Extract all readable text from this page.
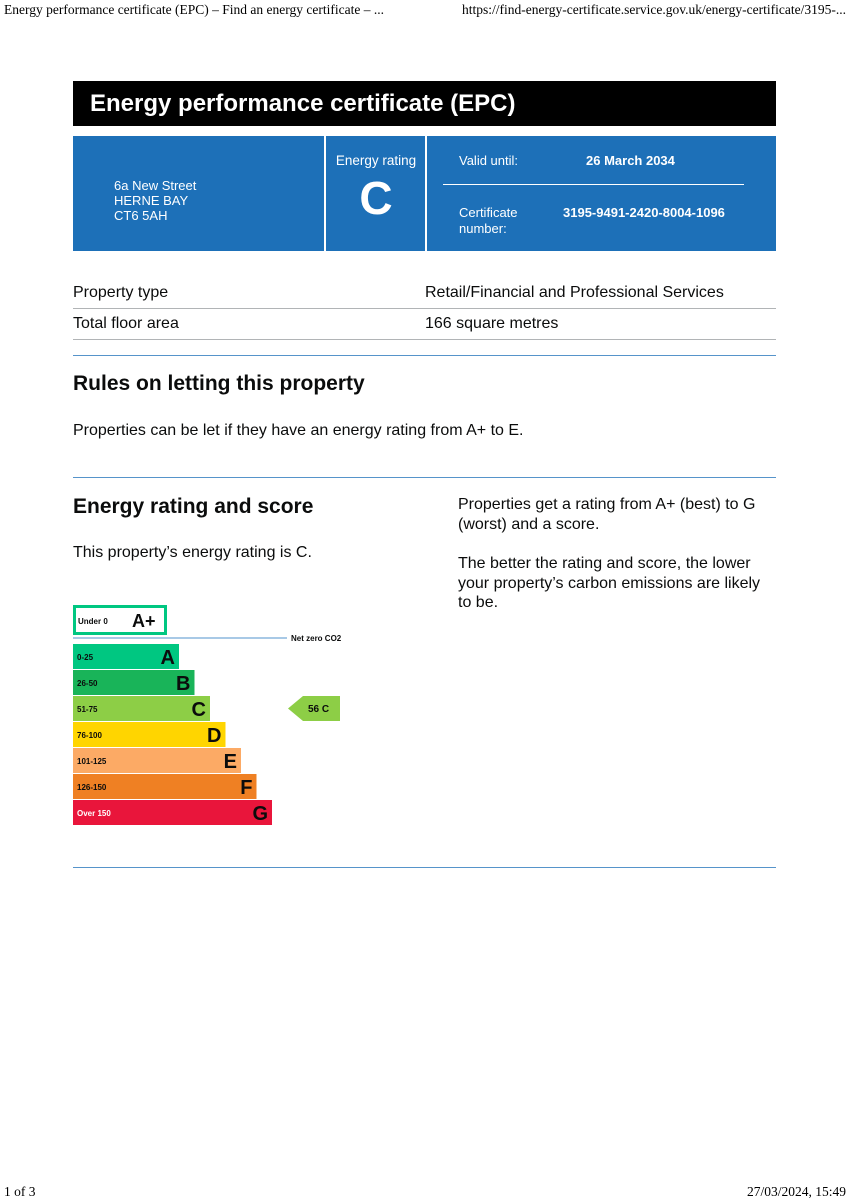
Energy performance certificate (EPC) – Find an energy certificate – ...	https://find-energy-certificate.service.gov.uk/energy-certificate/3195-...
Energy performance certificate (EPC)
6a New Street
HERNE BAY
CT6 5AH
Energy rating
C
Valid until:	26 March 2034
Certificate number:
3195-9491-2420-8004-1096
Property type	Retail/Financial and Professional Services
Total floor area	166 square metres
Rules on letting this property
Properties can be let if they have an energy rating from A+ to E.
Energy rating and score
This property’s energy rating is C.
Properties get a rating from A+ (best) to G (worst) and a score.
The better the rating and score, the lower your property’s carbon emissions are likely to be.
Under 0 A+
Net zero CO2
0-25	A
26-50	B
51-75	C
76-100	D
101-125	E
126-150	F
Over 150	G
56 C
1 of 3	27/03/2024, 15:49
